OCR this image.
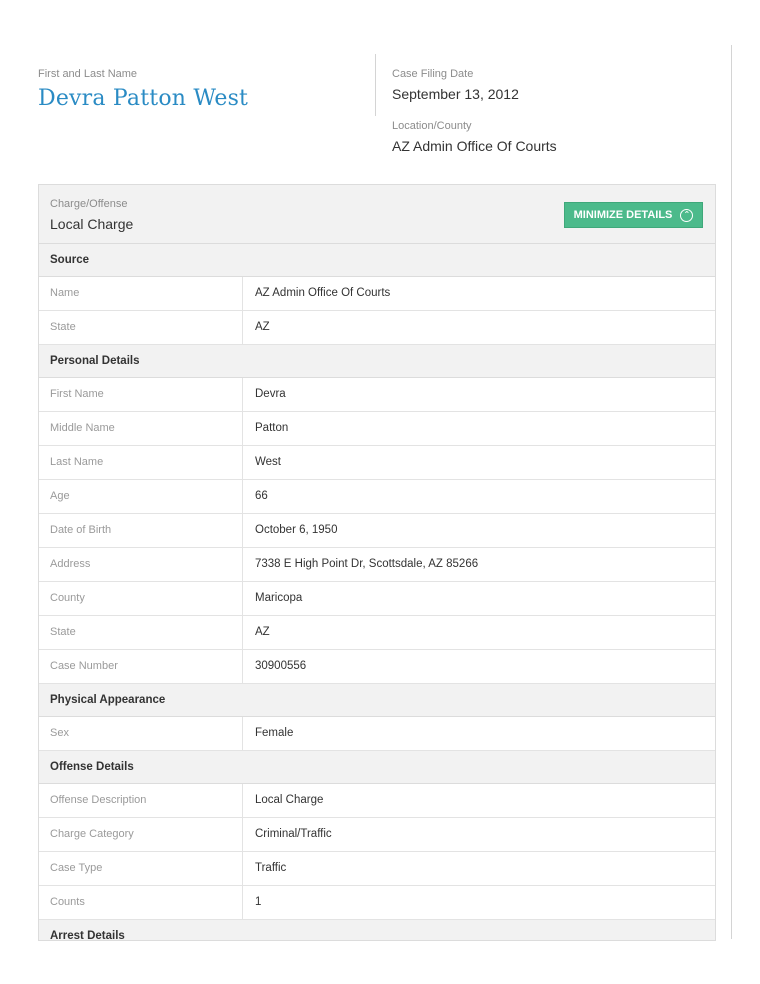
First and Last Name
Devra Patton West
Case Filing Date
September 13, 2012
Location/County
AZ Admin Office Of Courts
Charge/Offense
Local Charge
MINIMIZE DETAILS	⌃
Source
Name	AZ Admin Office Of Courts
State	AZ
Personal Details
First Name	Devra
Middle Name	Patton
Last Name	West
Age	66
Date of Birth	October 6, 1950
Address	7338 E High Point Dr, Scottsdale, AZ 85266
County	Maricopa
State	AZ
Case Number	30900556
Physical Appearance
Sex	Female
Offense Details
Offense Description	Local Charge
Charge Category	Criminal/Traffic
Case Type	Traffic
Counts	1
Arrest Details
